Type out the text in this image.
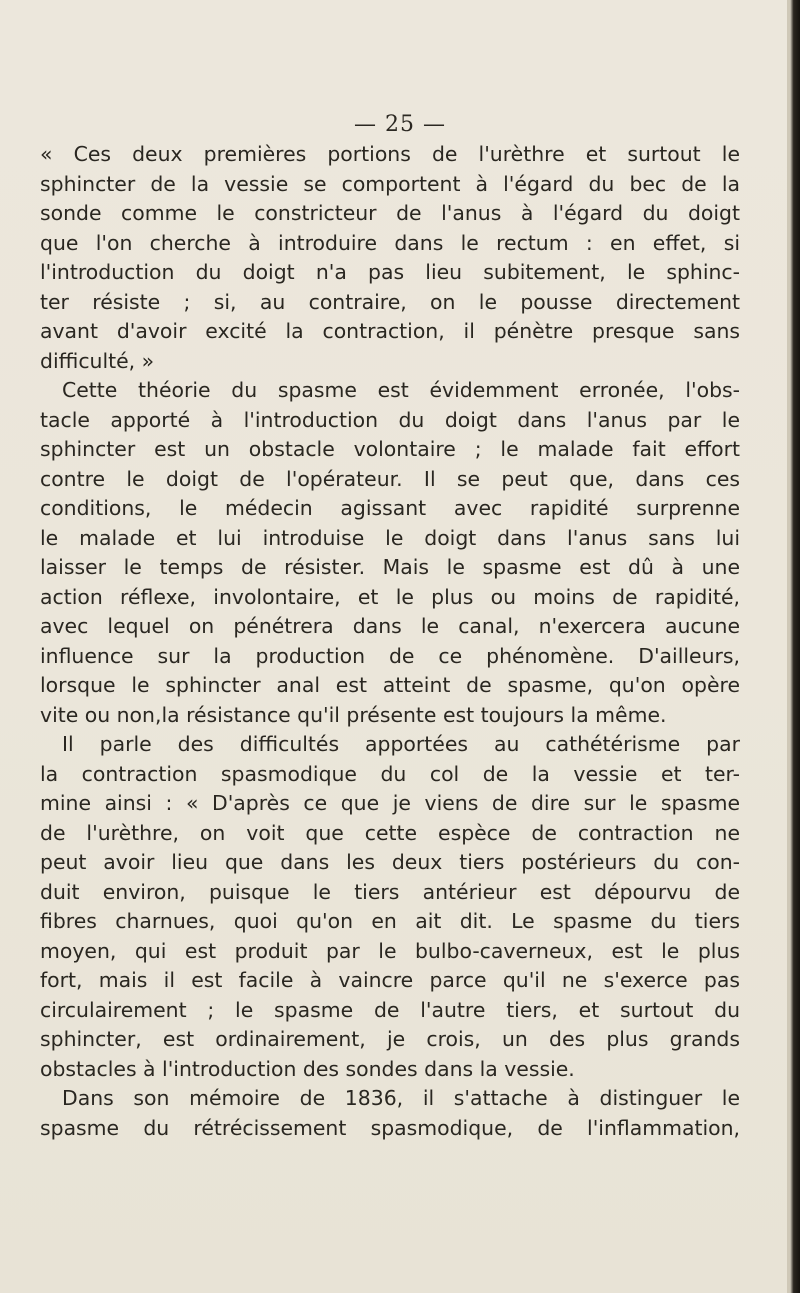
— 25 —

« Ces deux premières portions de l'urèthre et surtout le

sphincter de la vessie se comportent à l'égard du bec de la

sonde comme le constricteur de l'anus à l'égard du doigt

que l'on cherche à introduire dans le rectum : en effet, si

l'introduction du doigt n'a pas lieu subitement, le sphinc-

ter résiste ; si, au contraire, on le pousse directement

avant d'avoir excité la contraction, il pénètre presque sans

difficulté, »

Cette théorie du spasme est évidemment erronée, l'obs-

tacle apporté à l'introduction du doigt dans l'anus par le

sphincter est un obstacle volontaire ; le malade fait effort

contre le doigt de l'opérateur. Il se peut que, dans ces

conditions, le médecin agissant avec rapidité surprenne

le malade et lui introduise le doigt dans l'anus sans lui

laisser le temps de résister. Mais le spasme est dû à une

action réflexe, involontaire, et le plus ou moins de rapidité,

avec lequel on pénétrera dans le canal, n'exercera aucune

influence sur la production de ce phénomène. D'ailleurs,

lorsque le sphincter anal est atteint de spasme, qu'on opère

vite ou non,la résistance qu'il présente est toujours la même.

Il parle des difficultés apportées au cathétérisme par

la contraction spasmodique du col de la vessie et ter-

mine ainsi : « D'après ce que je viens de dire sur le spasme

de l'urèthre, on voit que cette espèce de contraction ne

peut avoir lieu que dans les deux tiers postérieurs du con-

duit environ, puisque le tiers antérieur est dépourvu de

fibres charnues, quoi qu'on en ait dit. Le spasme du tiers

moyen, qui est produit par le bulbo-caverneux, est le plus

fort, mais il est facile à vaincre parce qu'il ne s'exerce pas

circulairement ; le spasme de l'autre tiers, et surtout du

sphincter, est ordinairement, je crois, un des plus grands

obstacles à l'introduction des sondes dans la vessie.

Dans son mémoire de 1836, il s'attache à distinguer le

spasme du rétrécissement spasmodique, de l'inflammation,
